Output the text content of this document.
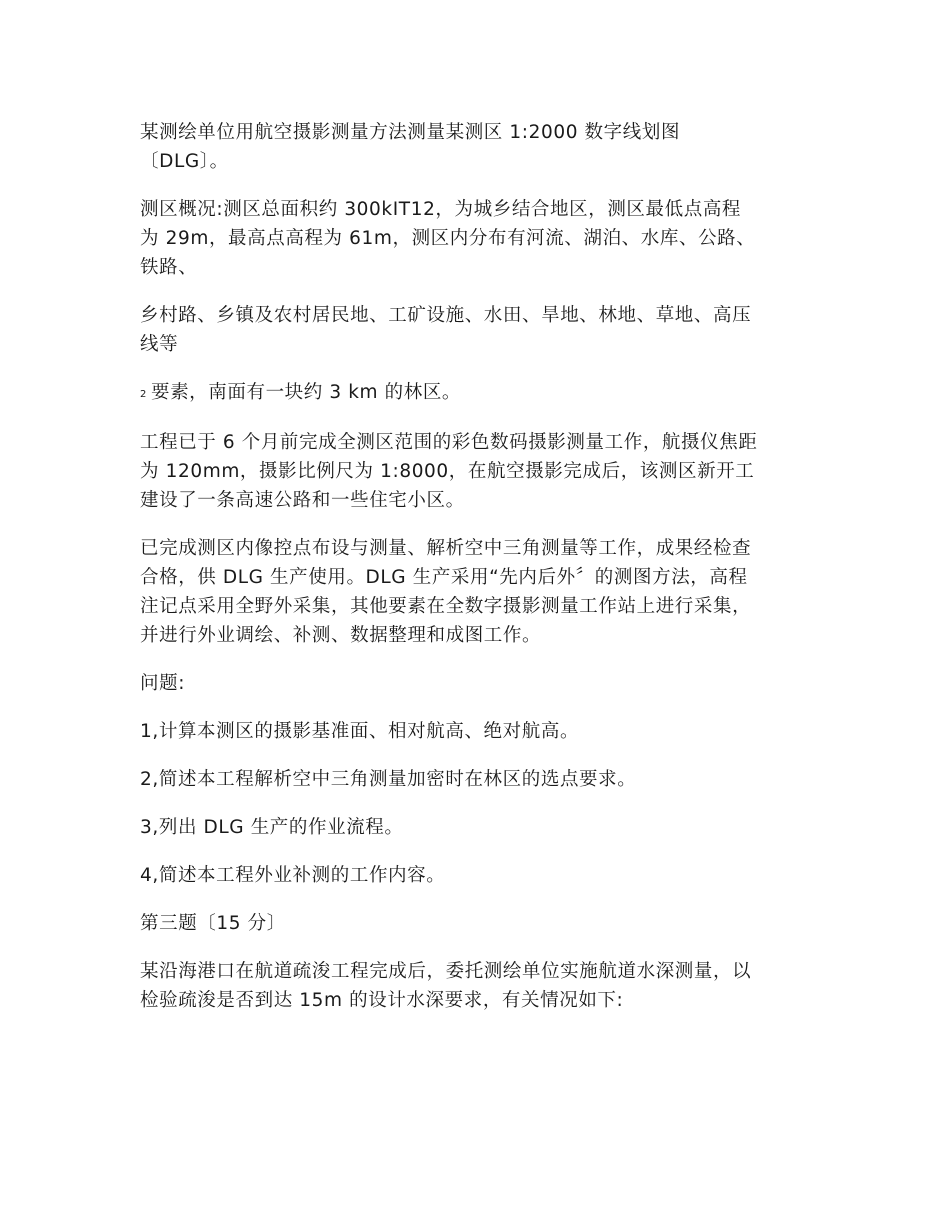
某测绘单位用航空摄影测量方法测量某测区 1:2000 数字线划图
〔DLG〕。

测区概况:测区总面积约 300kIT12，为城乡结合地区，测区最低点高程
为 29m，最高点高程为 61m，测区内分布有河流、湖泊、水库、公路、
铁路、

乡村路、乡镇及农村居民地、工矿设施、水田、旱地、林地、草地、高压
线等

2 要素，南面有一块约 3 km 的林区。

工程已于 6 个月前完成全测区范围的彩色数码摄影测量工作，航摄仪焦距
为 120mm，摄影比例尺为 1:8000，在航空摄影完成后，该测区新开工
建设了一条高速公路和一些住宅小区。

已完成测区内像控点布设与测量、解析空中三角测量等工作，成果经检查
合格，供 DLG 生产使用。DLG 生产采用“先内后外〞的测图方法，高程
注记点采用全野外采集，其他要素在全数字摄影测量工作站上进行采集，
并进行外业调绘、补测、数据整理和成图工作。

问题:

1,计算本测区的摄影基准面、相对航高、绝对航高。

2,简述本工程解析空中三角测量加密时在林区的选点要求。

3,列出 DLG 生产的作业流程。

4,简述本工程外业补测的工作内容。

第三题〔15 分〕

某沿海港口在航道疏浚工程完成后，委托测绘单位实施航道水深测量，以
检验疏浚是否到达 15m 的设计水深要求，有关情况如下:
